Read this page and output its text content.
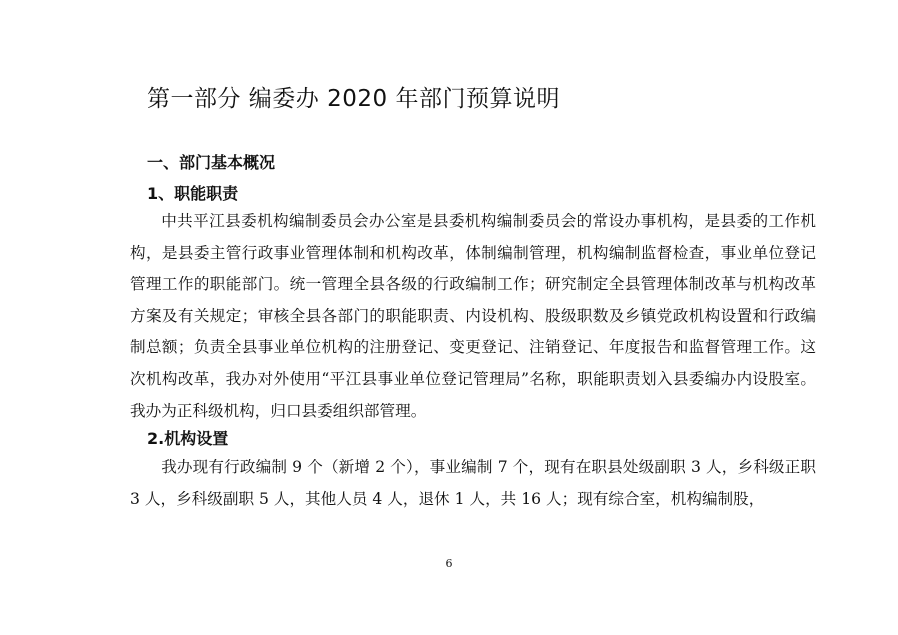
第一部分 编委办 2020 年部门预算说明
一、部门基本概况
1、职能职责

中共平江县委机构编制委员会办公室是县委机构编制委员会的常设办事机构，是县委的工作机构，是县委主管行政事业管理体制和机构改革，体制编制管理，机构编制监督检查，事业单位登记管理工作的职能部门。统一管理全县各级的行政编制工作；研究制定全县管理体制改革与机构改革方案及有关规定；审核全县各部门的职能职责、内设机构、股级职数及乡镇党政机构设置和行政编制总额；负责全县事业单位机构的注册登记、变更登记、注销登记、年度报告和监督管理工作。这次机构改革，我办对外使用“平江县事业单位登记管理局”名称，职能职责划入县委编办内设股室。我办为正科级机构，归口县委组织部管理。

2.机构设置

我办现有行政编制 9 个（新增 2 个），事业编制 7 个，现有在职县处级副职 3 人，乡科级正职 3 人，乡科级副职 5 人，其他人员 4 人，退休 1 人，共 16 人；现有综合室，机构编制股，

6
